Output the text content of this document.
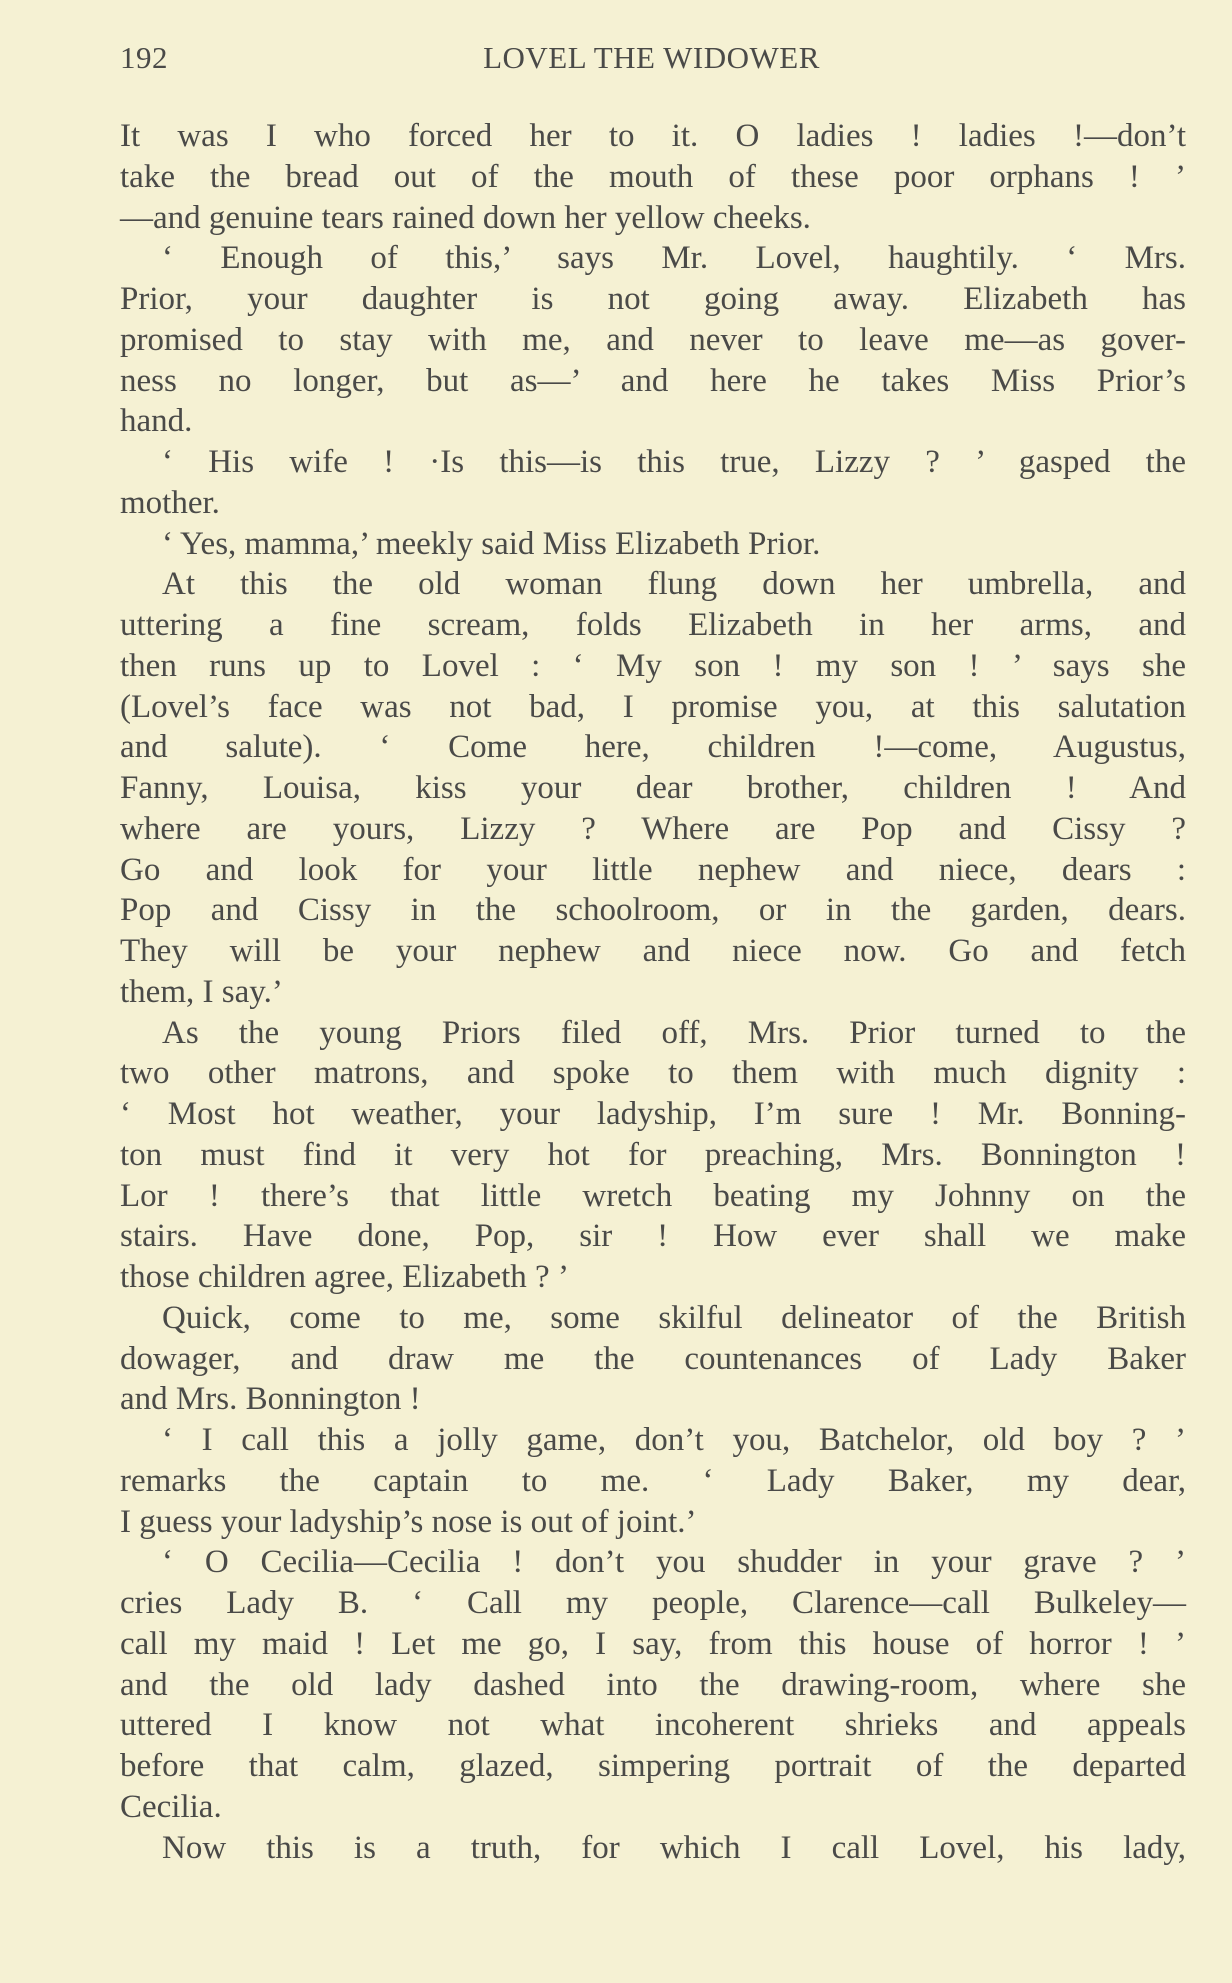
192	LOVEL THE WIDOWER
It was I who forced her to it. O ladies ! ladies !—don’t
take the bread out of the mouth of these poor orphans ! ’
—and genuine tears rained down her yellow cheeks.
‘ Enough of this,’ says Mr. Lovel, haughtily. ‘ Mrs.
Prior, your daughter is not going away. Elizabeth has
promised to stay with me, and never to leave me—as gover-
ness no longer, but as—’ and here he takes Miss Prior’s
hand.
‘ His wife ! ·Is this—is this true, Lizzy ? ’ gasped the
mother.
‘ Yes, mamma,’ meekly said Miss Elizabeth Prior.
At this the old woman flung down her umbrella, and
uttering a fine scream, folds Elizabeth in her arms, and
then runs up to Lovel : ‘ My son ! my son ! ’ says she
(Lovel’s face was not bad, I promise you, at this salutation
and salute). ‘ Come here, children !—come, Augustus,
Fanny, Louisa, kiss your dear brother, children ! And
where are yours, Lizzy ? Where are Pop and Cissy ?
Go and look for your little nephew and niece, dears :
Pop and Cissy in the schoolroom, or in the garden, dears.
They will be your nephew and niece now. Go and fetch
them, I say.’
As the young Priors filed off, Mrs. Prior turned to the
two other matrons, and spoke to them with much dignity :
‘ Most hot weather, your ladyship, I’m sure ! Mr. Bonning-
ton must find it very hot for preaching, Mrs. Bonnington !
Lor ! there’s that little wretch beating my Johnny on the
stairs. Have done, Pop, sir ! How ever shall we make
those children agree, Elizabeth ? ’
Quick, come to me, some skilful delineator of the British
dowager, and draw me the countenances of Lady Baker
and Mrs. Bonnington !
‘ I call this a jolly game, don’t you, Batchelor, old boy ? ’
remarks the captain to me. ‘ Lady Baker, my dear,
I guess your ladyship’s nose is out of joint.’
‘ O Cecilia—Cecilia ! don’t you shudder in your grave ? ’
cries Lady B. ‘ Call my people, Clarence—call Bulkeley—
call my maid ! Let me go, I say, from this house of horror ! ’
and the old lady dashed into the drawing-room, where she
uttered I know not what incoherent shrieks and appeals
before that calm, glazed, simpering portrait of the departed
Cecilia.
Now this is a truth, for which I call Lovel, his lady,
